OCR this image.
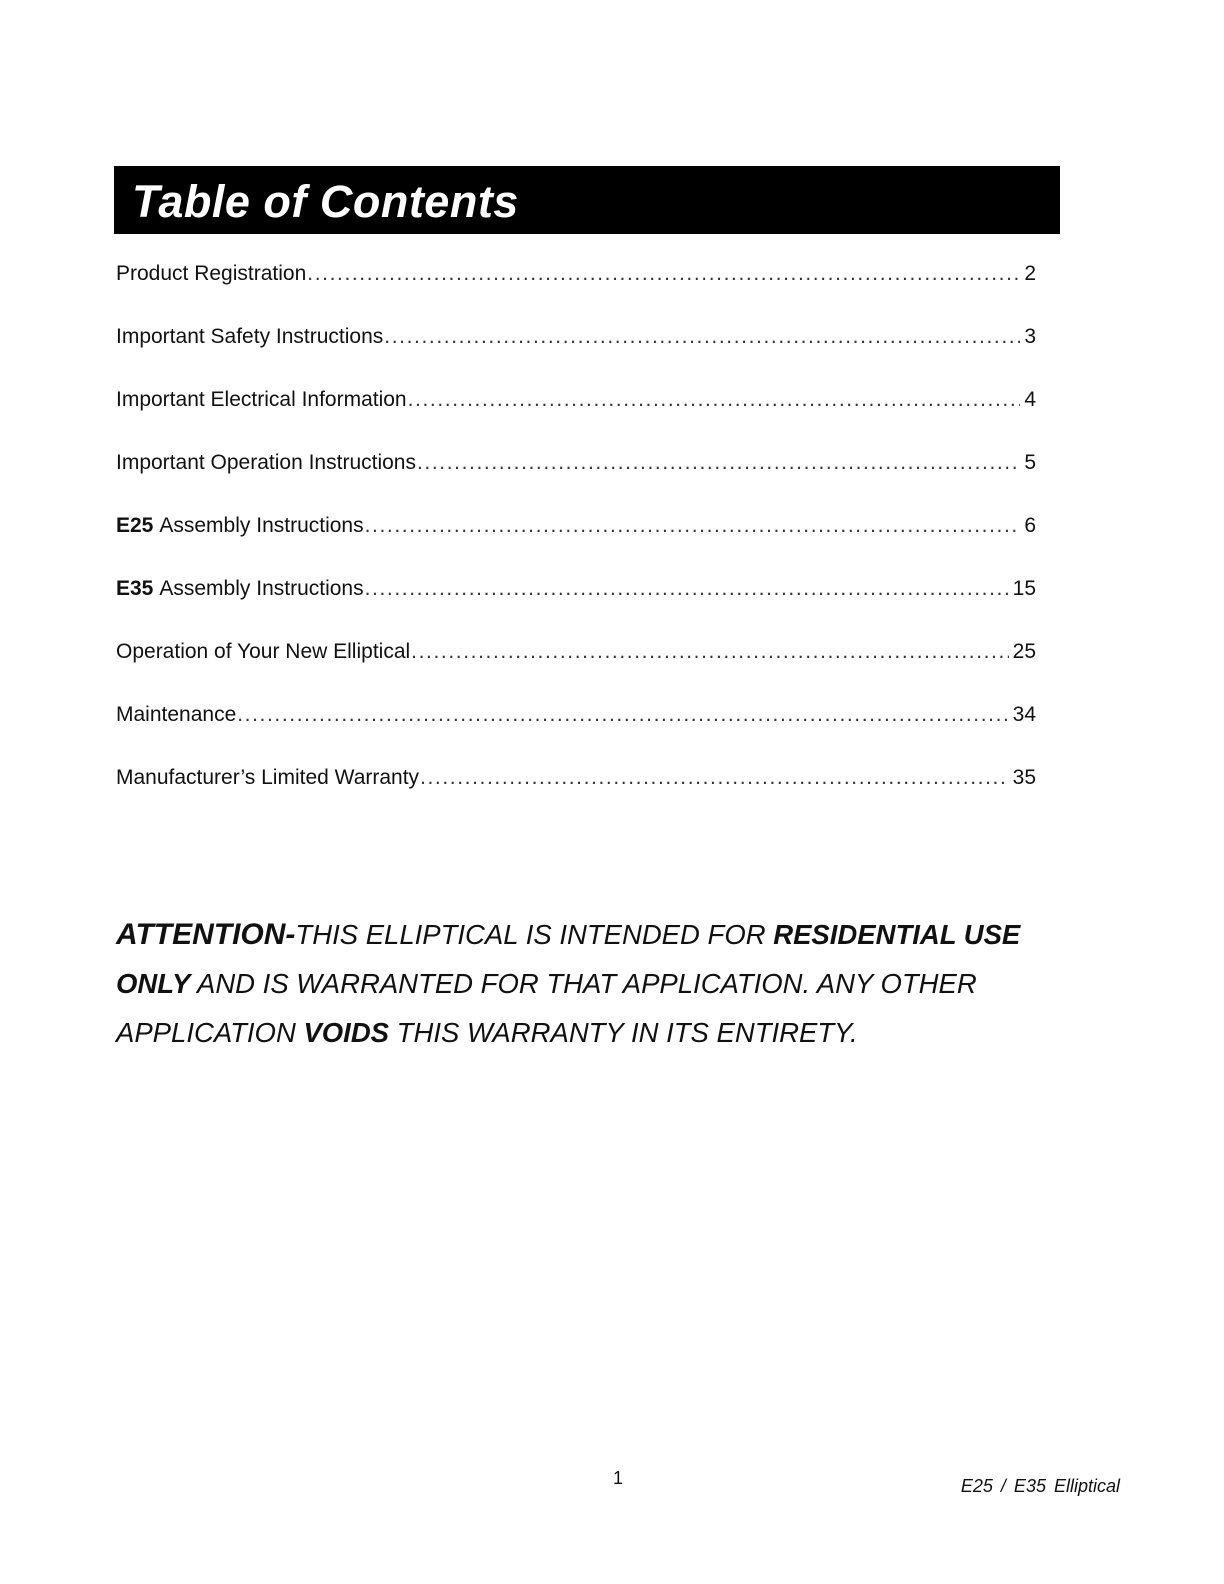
Table of Contents
Product Registration .....	2
Important Safety Instructions .....	3
Important Electrical Information .....	4
Important Operation Instructions .....	5
E25 Assembly Instructions .....	6
E35 Assembly Instructions .....	15
Operation of Your New Elliptical .....	25
Maintenance .....	34
Manufacturer’s Limited Warranty .....	35

ATTENTION-THIS ELLIPTICAL IS INTENDED FOR RESIDENTIAL USE ONLY AND IS WARRANTED FOR THAT APPLICATION. ANY OTHER APPLICATION VOIDS THIS WARRANTY IN ITS ENTIRETY.

1	E25 / E35 Elliptical
